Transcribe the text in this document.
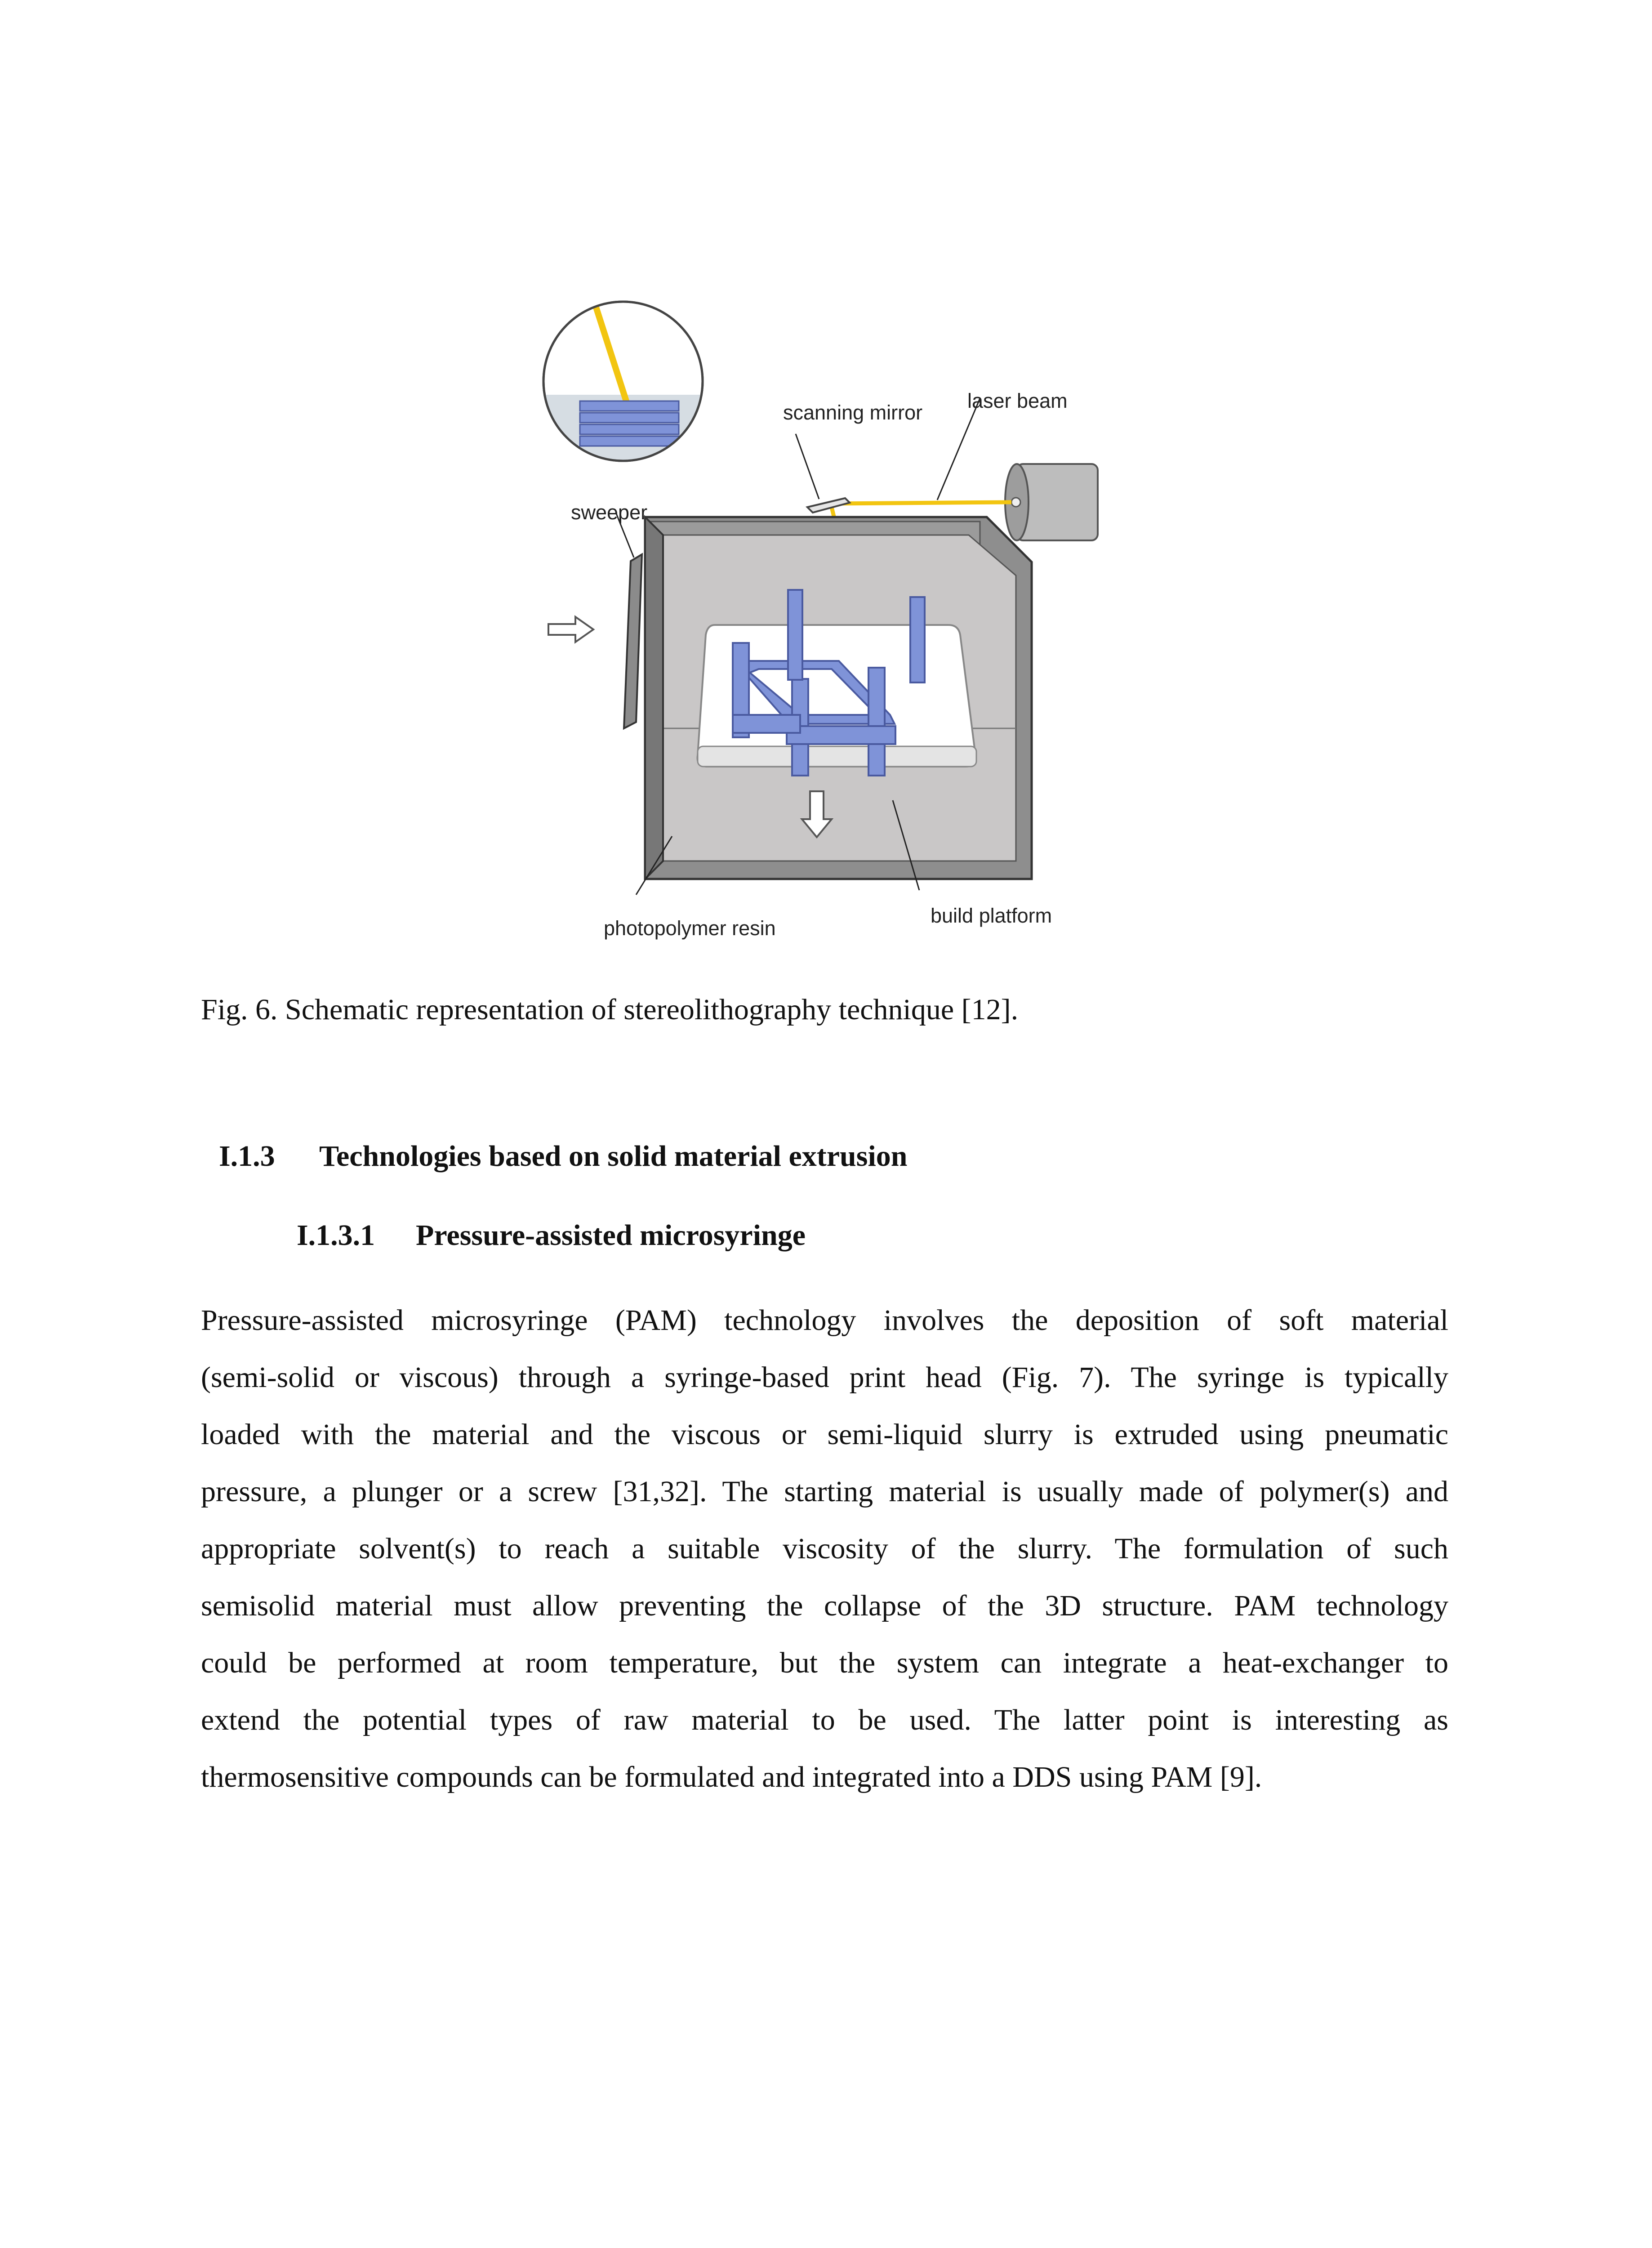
scanning mirror
laser beam
sweeper
photopolymer resin
build platform
Fig. 6. Schematic representation of stereolithography technique [12].
I.1.3 Technologies based on solid material extrusion
I.1.3.1 Pressure-assisted microsyringe
Pressure-assisted microsyringe (PAM) technology involves the deposition of soft material
(semi-solid or viscous) through a syringe-based print head (Fig. 7). The syringe is typically
loaded with the material and the viscous or semi-liquid slurry is extruded using pneumatic
pressure, a plunger or a screw [31,32]. The starting material is usually made of polymer(s) and
appropriate solvent(s) to reach a suitable viscosity of the slurry. The formulation of such
semisolid material must allow preventing the collapse of the 3D structure. PAM technology
could be performed at room temperature, but the system can integrate a heat-exchanger to
extend the potential types of raw material to be used. The latter point is interesting as
thermosensitive compounds can be formulated and integrated into a DDS using PAM [9].
